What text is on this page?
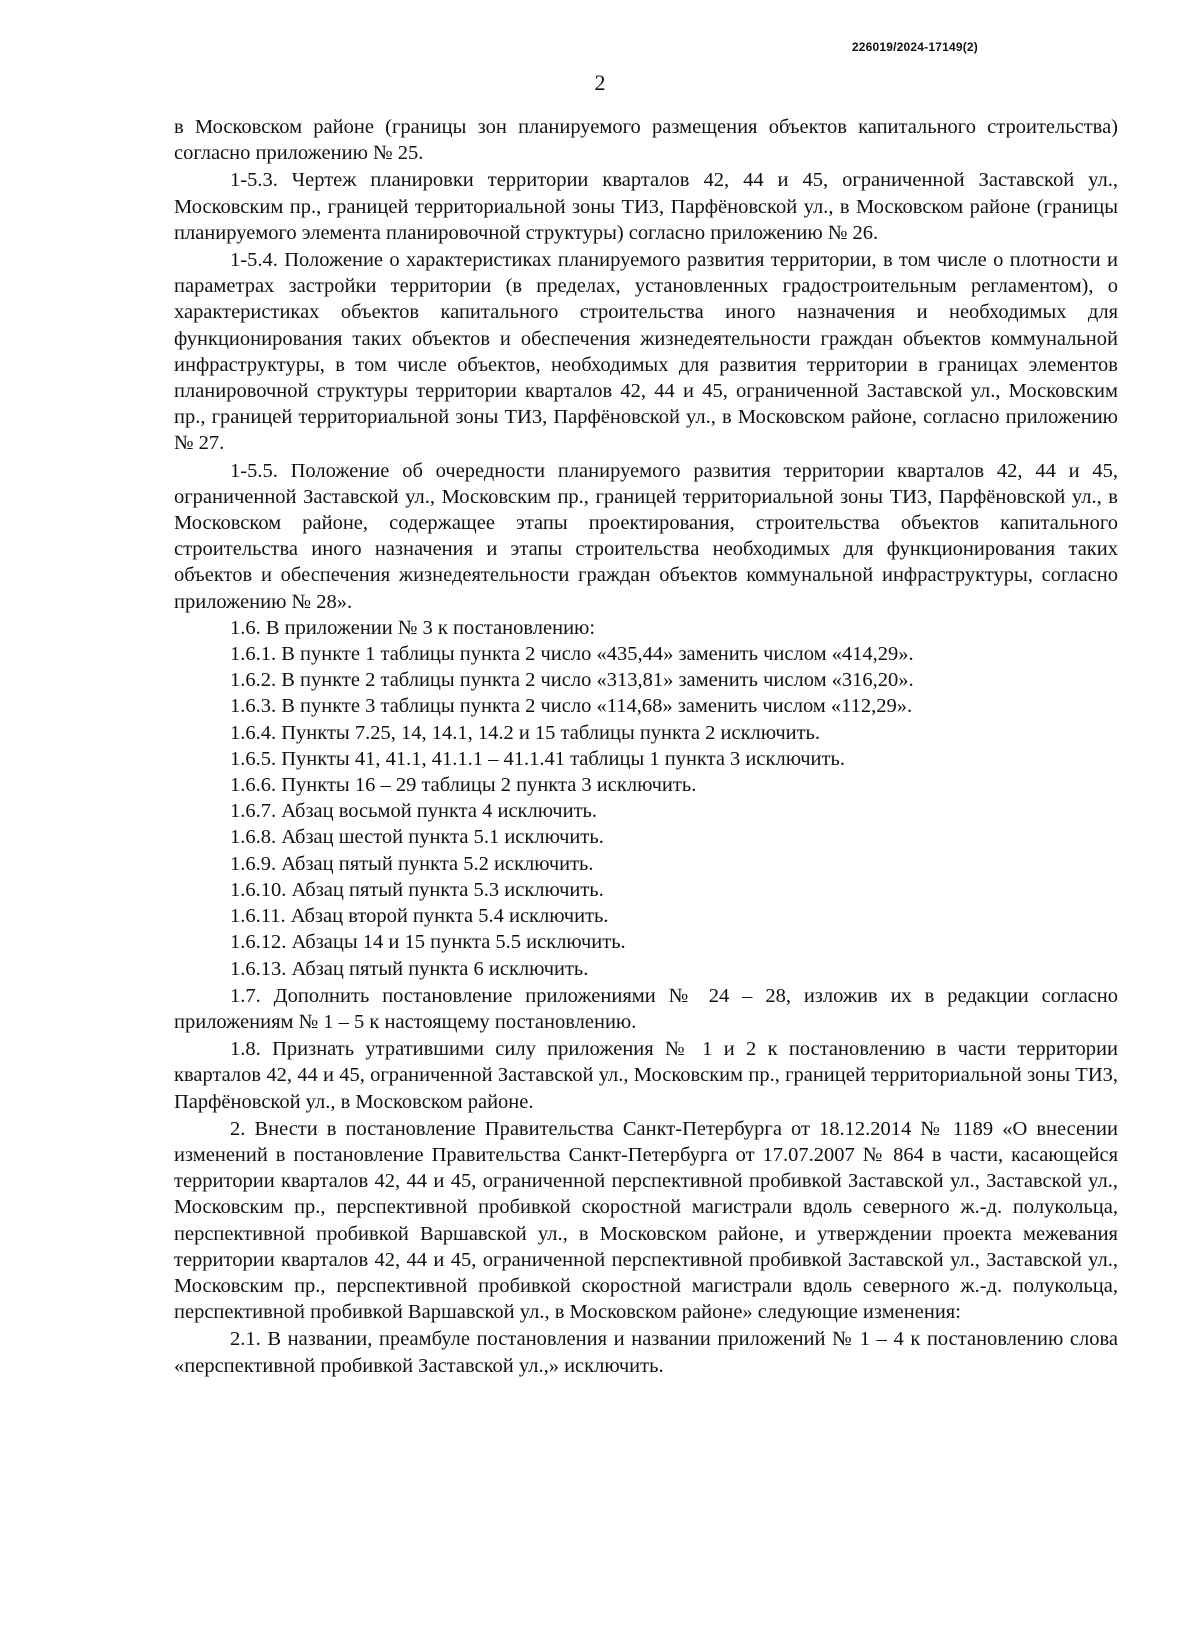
226019/2024-17149(2)
2

в Московском районе (границы зон планируемого размещения объектов капитального строительства) согласно приложению № 25.

1-5.3. Чертеж планировки территории кварталов 42, 44 и 45, ограниченной Заставской ул., Московским пр., границей территориальной зоны ТИ3, Парфёновской ул., в Московском районе (границы планируемого элемента планировочной структуры) согласно приложению № 26.

1-5.4. Положение о характеристиках планируемого развития территории, в том числе о плотности и параметрах застройки территории (в пределах, установленных градостроительным регламентом), о характеристиках объектов капитального строительства иного назначения и необходимых для функционирования таких объектов и обеспечения жизнедеятельности граждан объектов коммунальной инфраструктуры, в том числе объектов, необходимых для развития территории в границах элементов планировочной структуры территории кварталов 42, 44 и 45, ограниченной Заставской ул., Московским пр., границей территориальной зоны ТИ3, Парфёновской ул., в Московском районе, согласно приложению № 27.

1-5.5. Положение об очередности планируемого развития территории кварталов 42, 44 и 45, ограниченной Заставской ул., Московским пр., границей территориальной зоны ТИ3, Парфёновской ул., в Московском районе, содержащее этапы проектирования, строительства объектов капитального строительства иного назначения и этапы строительства необходимых для функционирования таких объектов и обеспечения жизнедеятельности граждан объектов коммунальной инфраструктуры, согласно приложению № 28».

1.6. В приложении № 3 к постановлению:

1.6.1. В пункте 1 таблицы пункта 2 число «435,44» заменить числом «414,29».

1.6.2. В пункте 2 таблицы пункта 2 число «313,81» заменить числом «316,20».

1.6.3. В пункте 3 таблицы пункта 2 число «114,68» заменить числом «112,29».

1.6.4. Пункты 7.25, 14, 14.1, 14.2 и 15 таблицы пункта 2 исключить.

1.6.5. Пункты 41, 41.1, 41.1.1 – 41.1.41 таблицы 1 пункта 3 исключить.

1.6.6. Пункты 16 – 29 таблицы 2 пункта 3 исключить.

1.6.7. Абзац восьмой пункта 4 исключить.

1.6.8. Абзац шестой пункта 5.1 исключить.

1.6.9. Абзац пятый пункта 5.2 исключить.

1.6.10. Абзац пятый пункта 5.3 исключить.

1.6.11. Абзац второй пункта 5.4 исключить.

1.6.12. Абзацы 14 и 15 пункта 5.5 исключить.

1.6.13. Абзац пятый пункта 6 исключить.

1.7. Дополнить постановление приложениями № 24 – 28, изложив их в редакции согласно приложениям № 1 – 5 к настоящему постановлению.

1.8. Признать утратившими силу приложения № 1 и 2 к постановлению в части территории кварталов 42, 44 и 45, ограниченной Заставской ул., Московским пр., границей территориальной зоны ТИ3, Парфёновской ул., в Московском районе.

2. Внести в постановление Правительства Санкт-Петербурга от 18.12.2014 № 1189 «О внесении изменений в постановление Правительства Санкт-Петербурга от 17.07.2007 № 864 в части, касающейся территории кварталов 42, 44 и 45, ограниченной перспективной пробивкой Заставской ул., Заставской ул., Московским пр., перспективной пробивкой скоростной магистрали вдоль северного ж.-д. полукольца, перспективной пробивкой Варшавской ул., в Московском районе, и утверждении проекта межевания территории кварталов 42, 44 и 45, ограниченной перспективной пробивкой Заставской ул., Заставской ул., Московским пр., перспективной пробивкой скоростной магистрали вдоль северного ж.-д. полукольца, перспективной пробивкой Варшавской ул., в Московском районе» следующие изменения:

2.1. В названии, преамбуле постановления и названии приложений № 1 – 4 к постановлению слова «перспективной пробивкой Заставской ул.,» исключить.
